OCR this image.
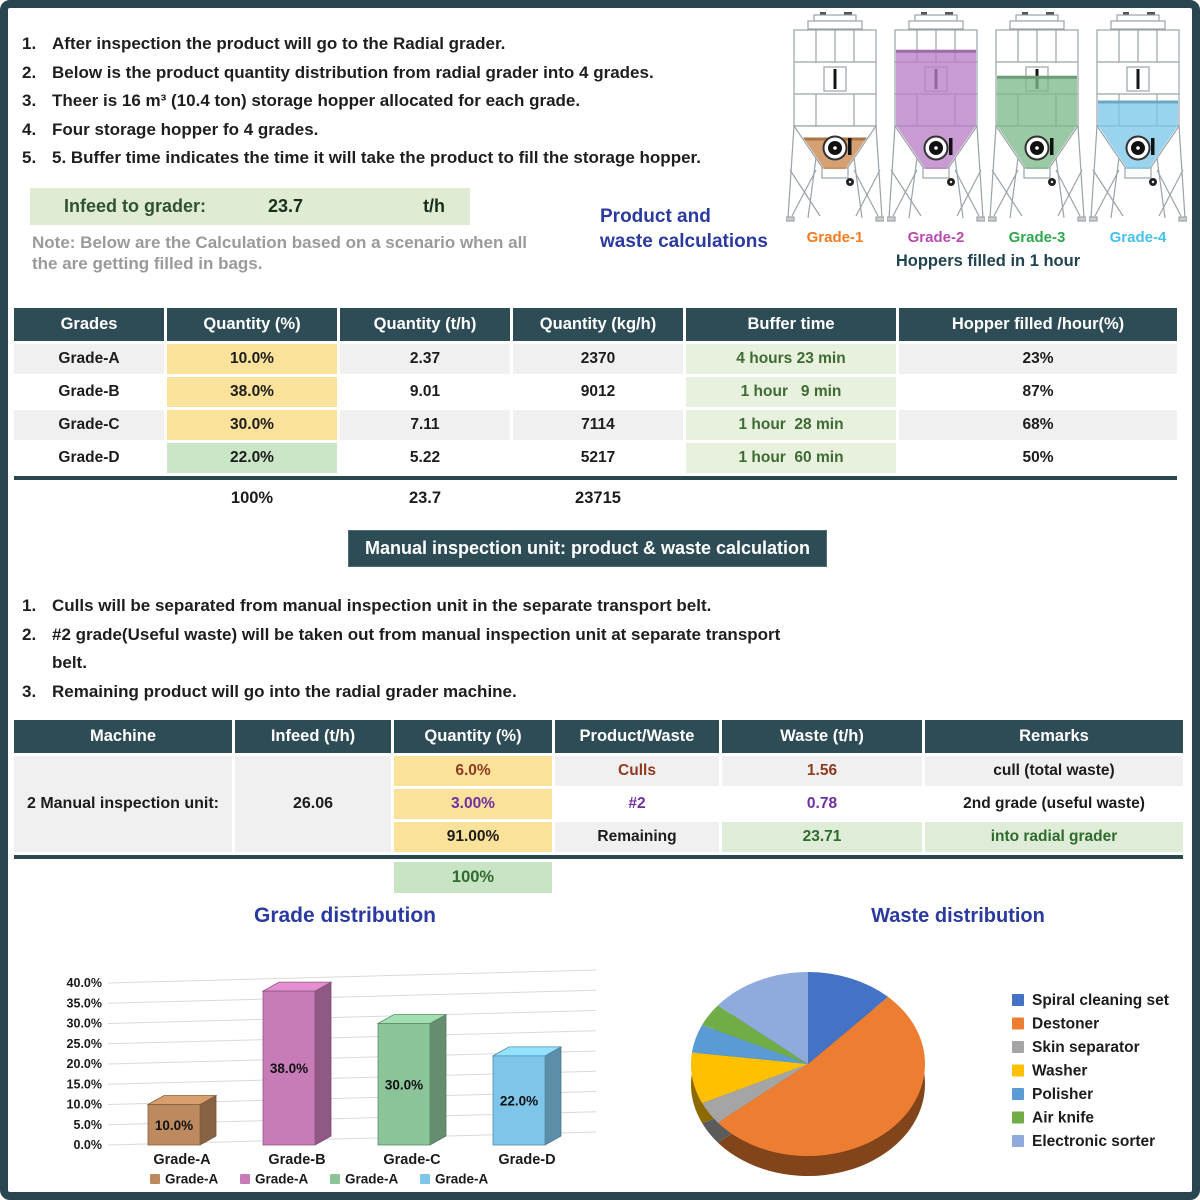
1. After inspection the product will go to the Radial grader.
2. Below is the product quantity distribution from radial grader into 4 grades.
3. Theer is 16 m³ (10.4 ton) storage hopper allocated for each grade.
4. Four storage hopper fo 4 grades.
5. 5. Buffer time indicates the time it will take the product to fill the storage hopper.
Infeed to grader:	23.7	t/h
Note: Below are the Calculation based on a scenario when all
the are getting filled in bags.
Product and
waste calculations	Grade-1	Grade-2	Grade-3	Grade-4
Hoppers filled in 1 hour
Grades	Quantity (%)	Quantity (t/h)	Quantity (kg/h)	Buffer time	Hopper filled /hour(%)
Grade-A	10.0%	2.37	2370	4 hours 23 min	23%
Grade-B	38.0%	9.01	9012	1 hour   9 min	87%
Grade-C	30.0%	7.11	7114	1 hour  28 min	68%
Grade-D	22.0%	5.22	5217	1 hour  60 min	50%
100%	23.7	23715
Manual inspection unit: product & waste calculation
1. Culls will be separated from manual inspection unit in the separate transport belt.
2. #2 grade(Useful waste) will be taken out from manual inspection unit at separate transport belt.
3. Remaining product will go into the radial grader machine.
Machine	Infeed (t/h)	Quantity (%)	Product/Waste	Waste (t/h)	Remarks
2 Manual inspection unit:	26.06
6.0%	Culls	1.56	cull (total waste)
3.00%	#2	0.78	2nd grade (useful waste)
91.00%	Remaining	23.71	into radial grader
100%
Grade distribution
0.0%
5.0%
10.0%
15.0%
20.0%
25.0%
30.0%
35.0%
40.0%
10.0%
Grade-A
38.0%
Grade-B
30.0%
Grade-C
22.0%
Grade-D
Grade-A	Grade-A	Grade-A	Grade-A
Waste distribution
Spiral cleaning set
Destoner
Skin separator
Washer
Polisher
Air knife
Electronic sorter
